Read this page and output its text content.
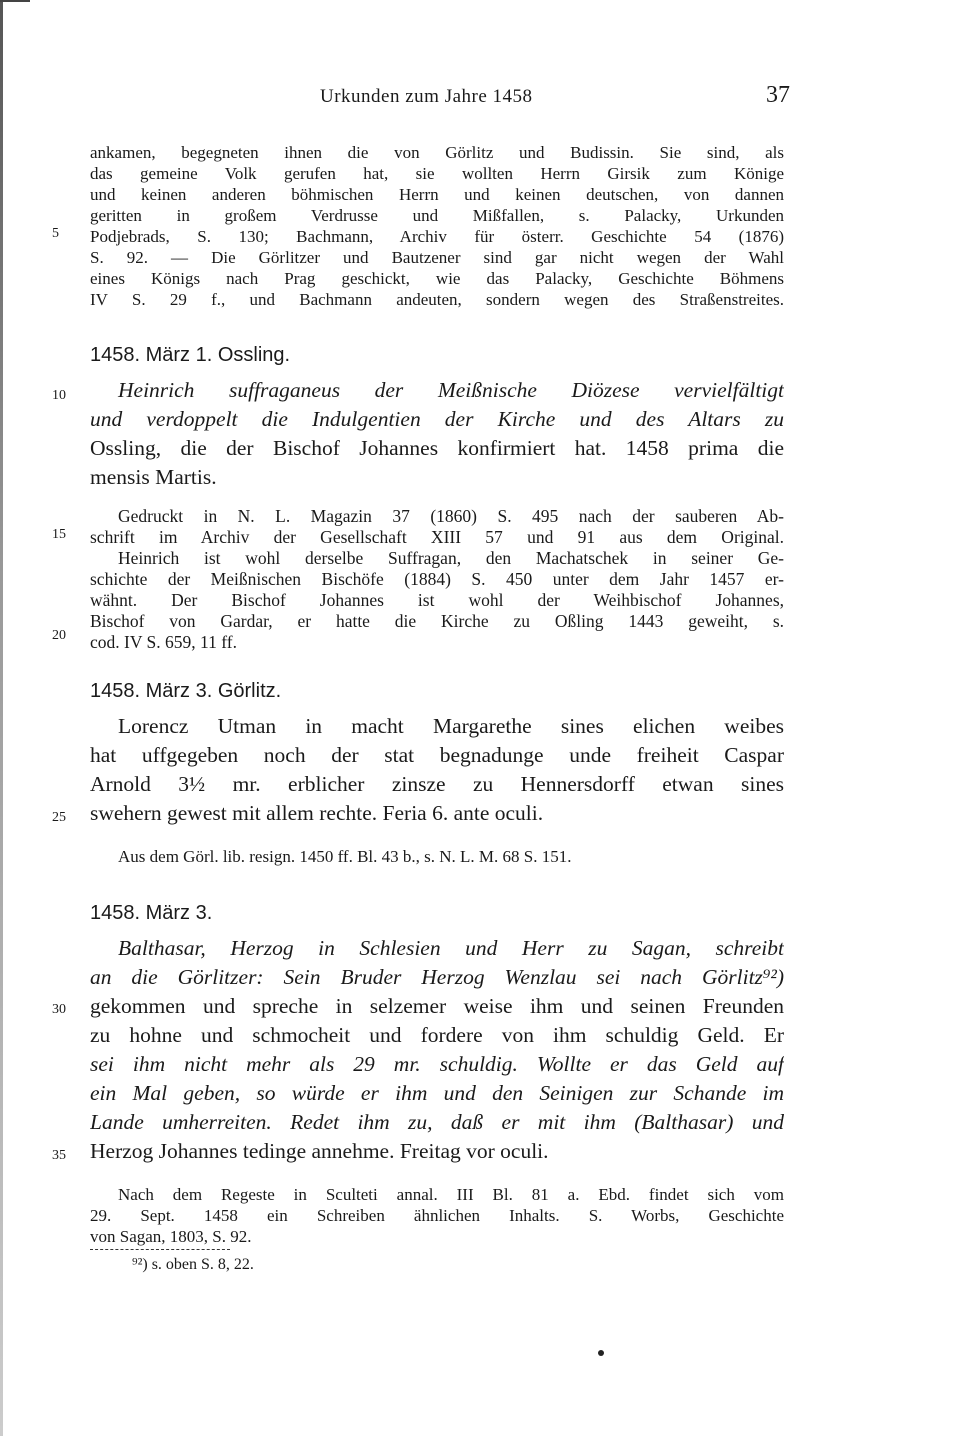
Urkunden zum Jahre 1458	37
ankamen, begegneten ihnen die von Görlitz und Budissin. Sie sind, als
das gemeine Volk gerufen hat, sie wollten Herrn Girsik zum Könige
und keinen anderen böhmischen Herrn und keinen deutschen, von dannen
geritten in großem Verdrusse und Mißfallen, s. Palacky, Urkunden
Podjebrads, S. 130; Bachmann, Archiv für österr. Geschichte 54 (1876)
S. 92. — Die Görlitzer und Bautzener sind gar nicht wegen der Wahl
eines Königs nach Prag geschickt, wie das Palacky, Geschichte Böhmens
IV S. 29 f., und Bachmann andeuten, sondern wegen des Straßenstreites.
1458. März 1. Ossling.
Heinrich suffraganeus der Meißnische Diözese vervielfältigt
und verdoppelt die Indulgentien der Kirche und des Altars zu
Ossling, die der Bischof Johannes konfirmiert hat. 1458 prima die
mensis Martis.
Gedruckt in N. L. Magazin 37 (1860) S. 495 nach der sauberen Ab-
schrift im Archiv der Gesellschaft XIII 57 und 91 aus dem Original.
Heinrich ist wohl derselbe Suffragan, den Machatschek in seiner Ge-
schichte der Meißnischen Bischöfe (1884) S. 450 unter dem Jahr 1457 er-
wähnt. Der Bischof Johannes ist wohl der Weihbischof Johannes,
Bischof von Gardar, er hatte die Kirche zu Oßling 1443 geweiht, s.
cod. IV S. 659, 11 ff.
1458. März 3. Görlitz.
Lorencz Utman in macht Margarethe sines elichen weibes
hat uffgegeben noch der stat begnadunge unde freiheit Caspar
Arnold 3½ mr. erblicher zinsze zu Hennersdorff etwan sines
swehern gewest mit allem rechte. Feria 6. ante oculi.
Aus dem Görl. lib. resign. 1450 ff. Bl. 43 b., s. N. L. M. 68 S. 151.
1458. März 3.
Balthasar, Herzog in Schlesien und Herr zu Sagan, schreibt
an die Görlitzer: Sein Bruder Herzog Wenzlau sei nach Görlitz⁹²)
gekommen und spreche in selzemer weise ihm und seinen Freunden
zu hohne und schmocheit und fordere von ihm schuldig Geld. Er
sei ihm nicht mehr als 29 mr. schuldig. Wollte er das Geld auf
ein Mal geben, so würde er ihm und den Seinigen zur Schande im
Lande umherreiten. Redet ihm zu, daß er mit ihm (Balthasar) und
Herzog Johannes tedinge annehme. Freitag vor oculi.
Nach dem Regeste in Sculteti annal. III Bl. 81 a. Ebd. findet sich vom
29. Sept. 1458 ein Schreiben ähnlichen Inhalts. S. Worbs, Geschichte
von Sagan, 1803, S. 92.
⁹²) s. oben S. 8, 22.
5
10
15
20
25
30
35
